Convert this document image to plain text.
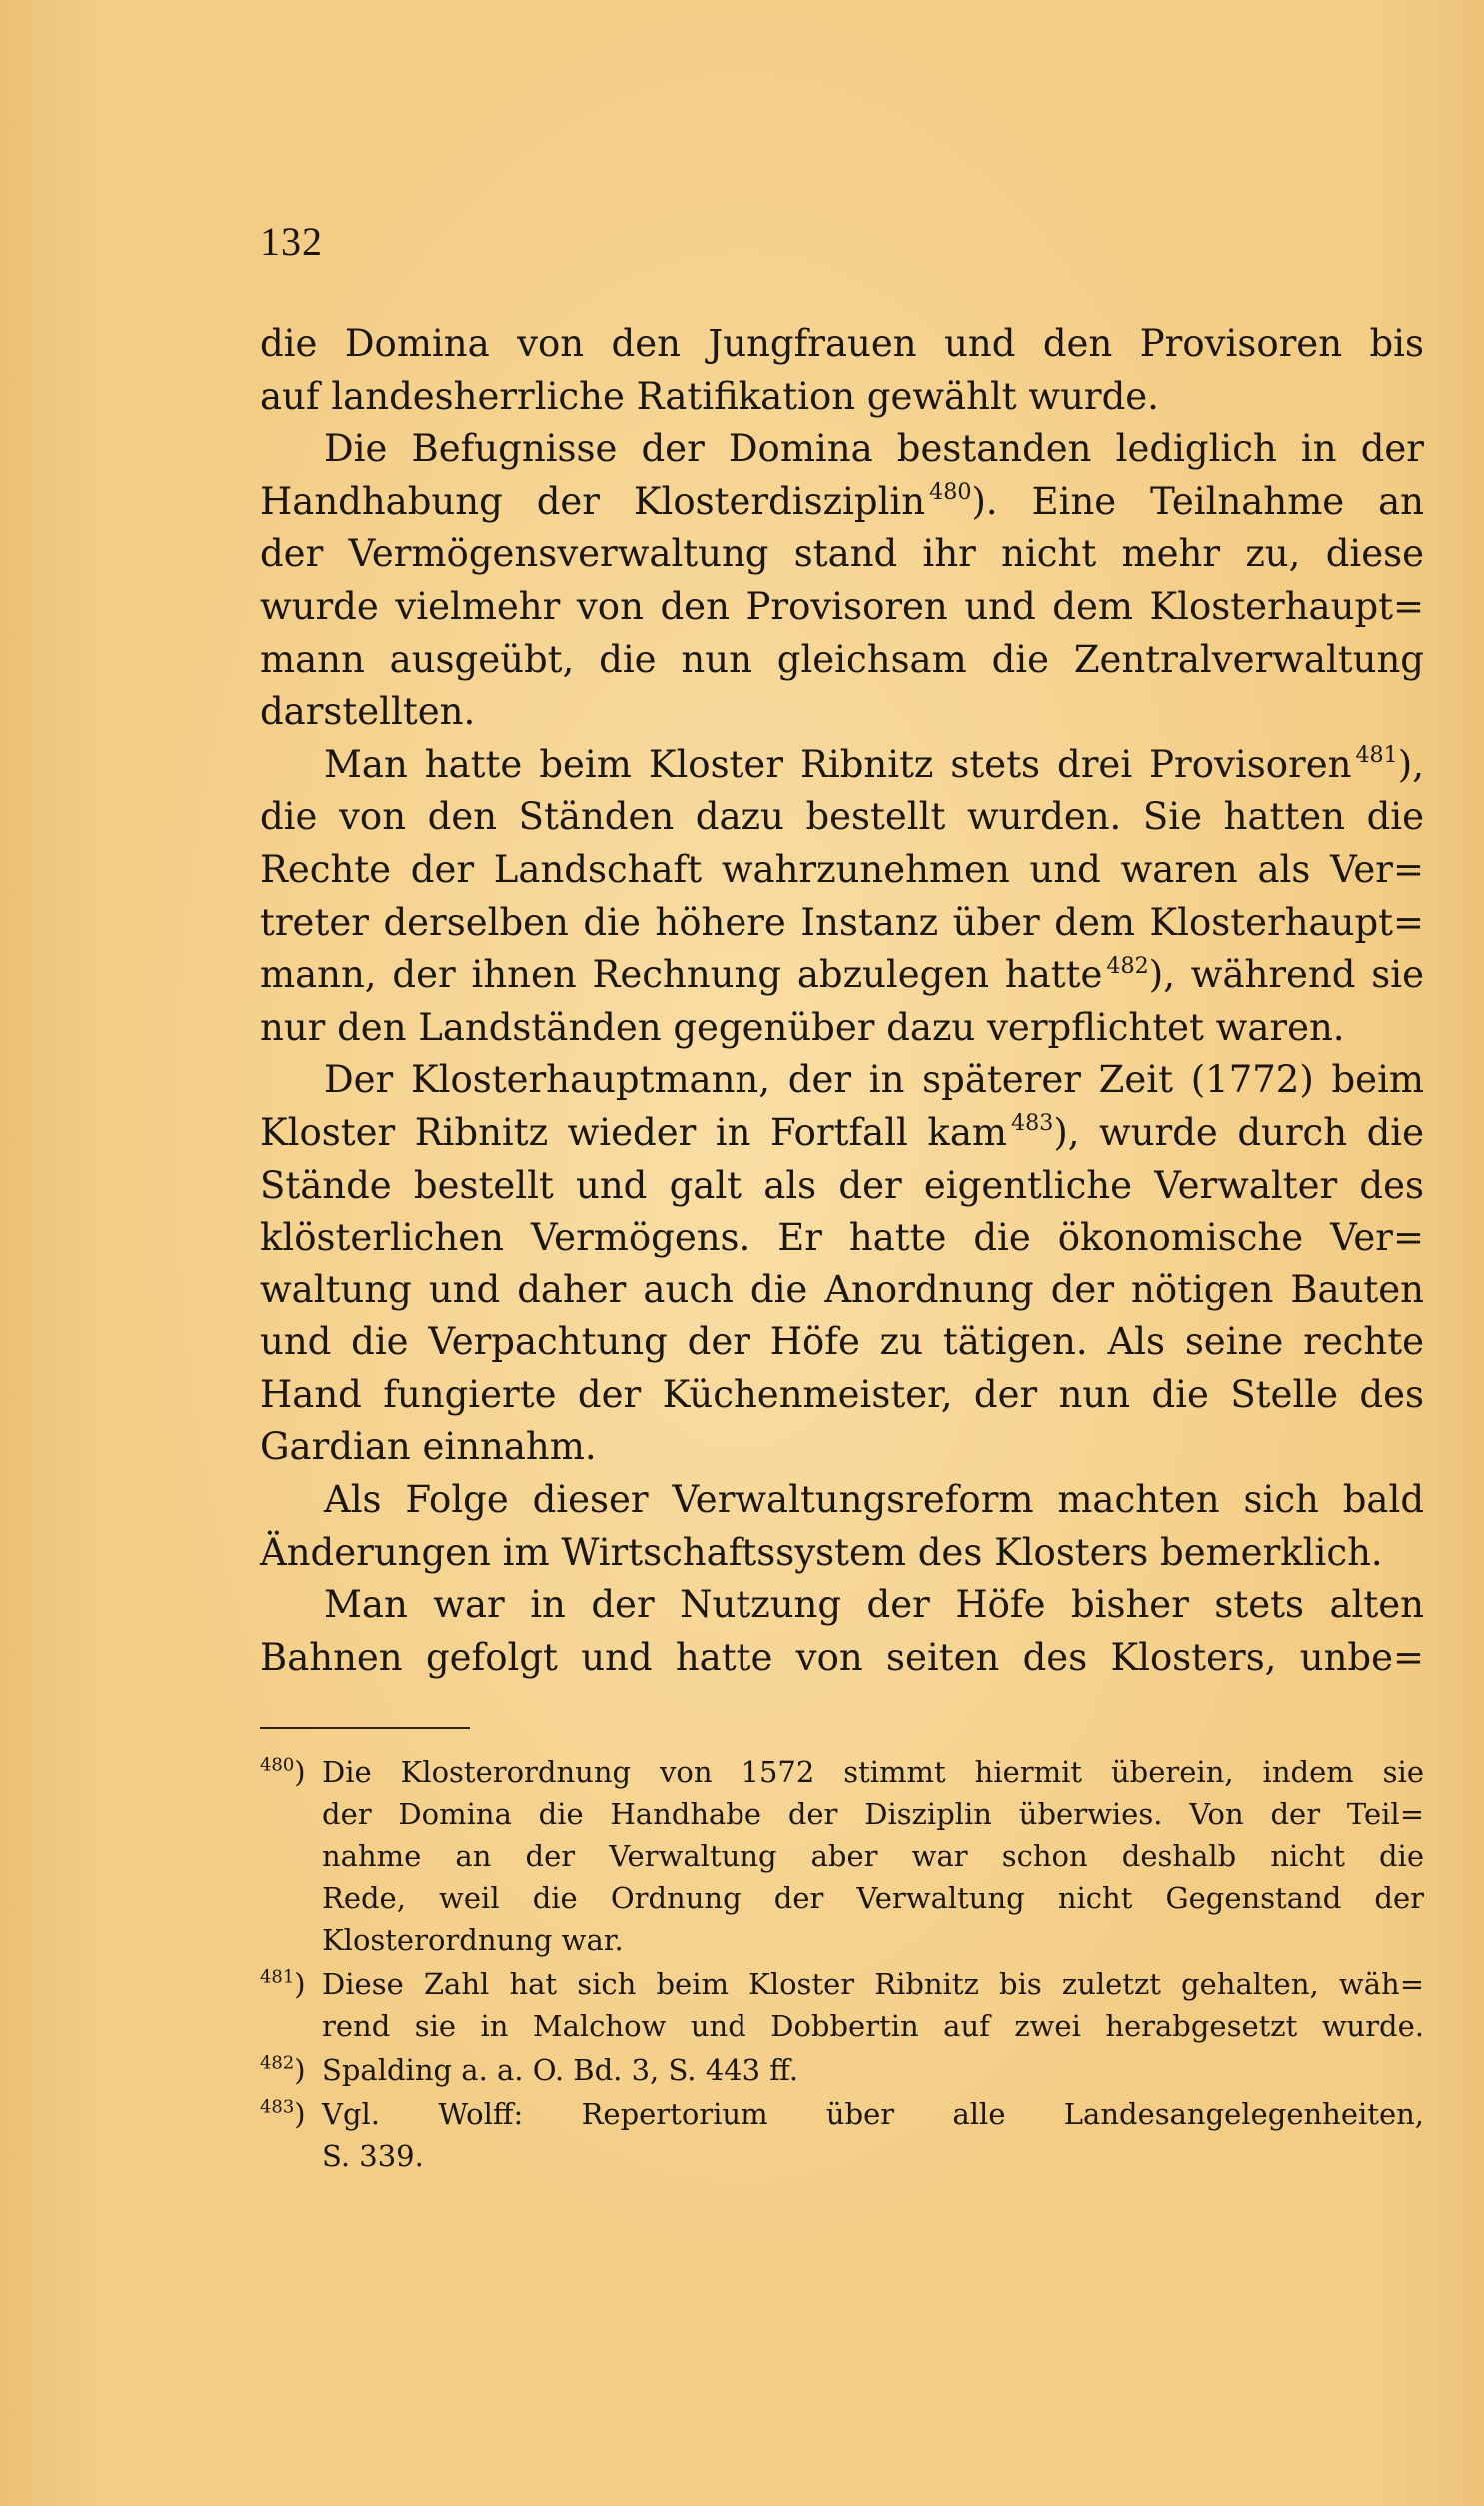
132
die Domina von den Jungfrauen und den Provisoren bis
auf landesherrliche Ratifikation gewählt wurde.
Die Befugnisse der Domina bestanden lediglich in der
Handhabung der Klosterdisziplin $^{480}$). Eine Teilnahme an
der Vermögensverwaltung stand ihr nicht mehr zu, diese
wurde vielmehr von den Provisoren und dem Klosterhaupt=
mann ausgeübt, die nun gleichsam die Zentralverwaltung
darstellten.
Man hatte beim Kloster Ribnitz stets drei Provisoren $^{481}$),
die von den Ständen dazu bestellt wurden. Sie hatten die
Rechte der Landschaft wahrzunehmen und waren als Ver=
treter derselben die höhere Instanz über dem Klosterhaupt=
mann, der ihnen Rechnung abzulegen hatte $^{482}$), während sie
nur den Landständen gegenüber dazu verpflichtet waren.
Der Klosterhauptmann, der in späterer Zeit (1772) beim
Kloster Ribnitz wieder in Fortfall kam $^{483}$), wurde durch die
Stände bestellt und galt als der eigentliche Verwalter des
klösterlichen Vermögens. Er hatte die ökonomische Ver=
waltung und daher auch die Anordnung der nötigen Bauten
und die Verpachtung der Höfe zu tätigen. Als seine rechte
Hand fungierte der Küchenmeister, der nun die Stelle des
Gardian einnahm.
Als Folge dieser Verwaltungsreform machten sich bald
Änderungen im Wirtschaftssystem des Klosters bemerklich.
Man war in der Nutzung der Höfe bisher stets alten
Bahnen gefolgt und hatte von seiten des Klosters, unbe=
$^{480}$) Die Klosterordnung von 1572 stimmt hiermit überein, indem sie
der Domina die Handhabe der Disziplin überwies. Von der Teil=
nahme an der Verwaltung aber war schon deshalb nicht die
Rede, weil die Ordnung der Verwaltung nicht Gegenstand der
Klosterordnung war.
$^{481}$) Diese Zahl hat sich beim Kloster Ribnitz bis zuletzt gehalten, wäh=
rend sie in Malchow und Dobbertin auf zwei herabgesetzt wurde.
$^{482}$) Spalding a. a. O. Bd. 3, S. 443 ff.
$^{483}$) Vgl. Wolff: Repertorium über alle Landesangelegenheiten,
S. 339.
